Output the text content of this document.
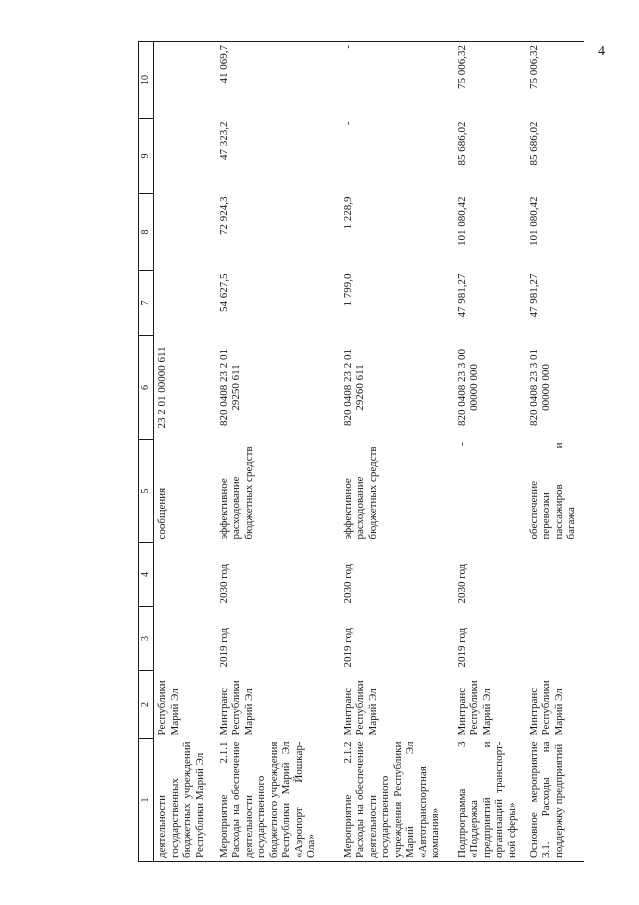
4
1	2	3	4	5	6	7	8	9	10
деятельности государственных бюджетных учреждений Республики Марий Эл	Республики Марий Эл			сообщения	23 2 01 00000 611				
Мероприятие 2.1.1 Расходы на обеспечение деятельности государственного бюджетного учреждения Республики Марий Эл «Аэропорт Йошкар-Ола»	Минтранс Республики Марий Эл	2019 год	2030 год	эффективное расходование бюджетных средств	820 0408 23 2 01 29250 611	54 627,5	72 924,3	47 323,2	41 069,7
Мероприятие 2.1.2 Расходы на обеспечение деятельности государственного учреждения Республики Марий Эл «Автотранспортная компания»	Минтранс Республики Марий Эл	2019 год	2030 год	эффективное расходование бюджетных средств	820 0408 23 2 01 29260 611	1 799,0	1 228,9	-	-
Подпрограмма 3 «Поддержка предприятий и организаций транспорт-ной сферы»	Минтранс Республики Марий Эл	2019 год	2030 год	-	820 0408 23 3 00 00000 000	47 981,27	101 080,42	85 686,02	75 006,32
Основное мероприятие 3.1. Расходы на поддержку предприятий	Минтранс Республики Марий Эл			обеспечение перевозки пассажиров и багажа	820 0408 23 3 01 00000 000	47 981,27	101 080,42	85 686,02	75 006,32
